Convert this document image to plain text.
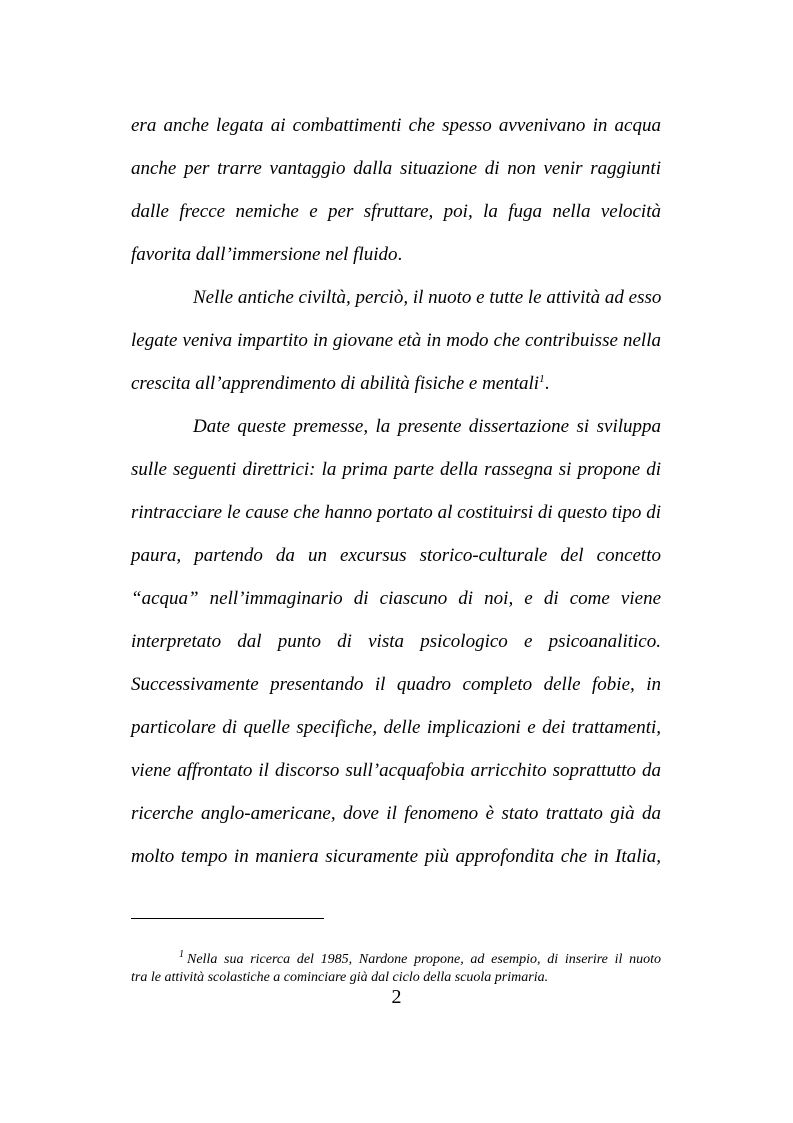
era anche legata ai combattimenti che spesso avvenivano in acqua
anche per trarre vantaggio dalla situazione di non venir raggiunti
dalle frecce nemiche e per sfruttare, poi, la fuga nella velocità
favorita dall’immersione nel fluido.
Nelle antiche civiltà, perciò, il nuoto e tutte le attività ad esso
legate veniva impartito in giovane età in modo che contribuisse nella
crescita all’apprendimento di abilità fisiche e mentali$^1$.
Date queste premesse, la presente dissertazione si sviluppa
sulle seguenti direttrici: la prima parte della rassegna si propone di
rintracciare le cause che hanno portato al costituirsi di questo tipo di
paura, partendo da un excursus storico-culturale del concetto
“acqua” nell’immaginario di ciascuno di noi, e di come viene
interpretato dal punto di vista psicologico e psicoanalitico.
Successivamente presentando il quadro completo delle fobie, in
particolare di quelle specifiche, delle implicazioni e dei trattamenti,
viene affrontato il discorso sull’acquafobia arricchito soprattutto da
ricerche anglo-americane, dove il fenomeno è stato trattato già da
molto tempo in maniera sicuramente più approfondita che in Italia,
$^1$ Nella sua ricerca del 1985, Nardone propone, ad esempio, di inserire il nuoto
tra le attività scolastiche a cominciare già dal ciclo della scuola primaria.
2
